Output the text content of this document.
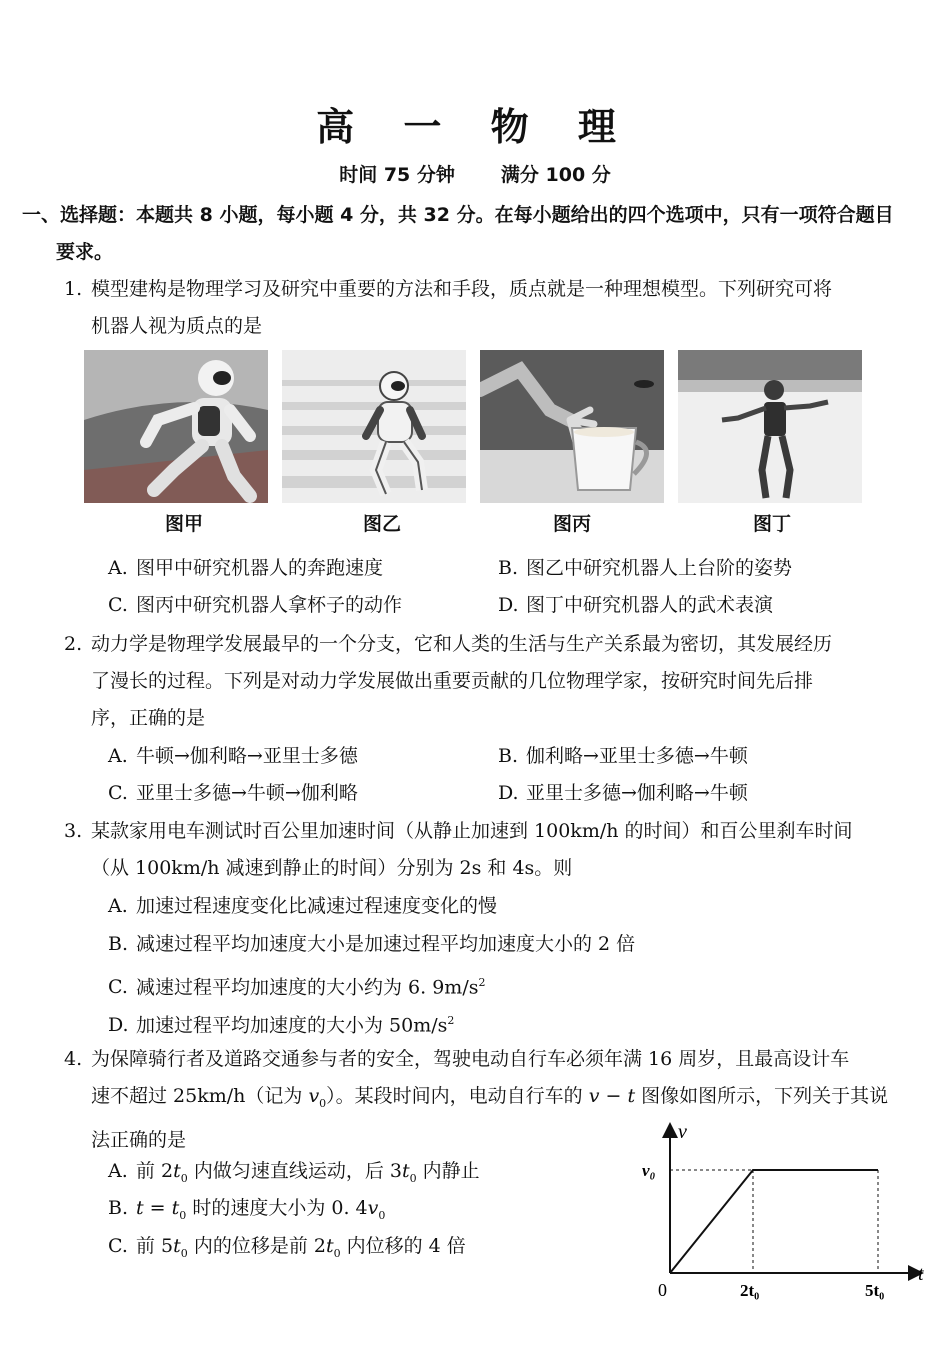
高 一 物 理
时间 75 分钟 满分 100 分
一、选择题：本题共 8 小题，每小题 4 分，共 32 分。在每小题给出的四个选项中，只有一项符合题目
要求。
1. 模型建构是物理学习及研究中重要的方法和手段，质点就是一种理想模型。下列研究可将
机器人视为质点的是
图甲	图乙	图丙	图丁
A. 图甲中研究机器人的奔跑速度	B. 图乙中研究机器人上台阶的姿势
C. 图丙中研究机器人拿杯子的动作	D. 图丁中研究机器人的武术表演
2. 动力学是物理学发展最早的一个分支，它和人类的生活与生产关系最为密切，其发展经历
了漫长的过程。下列是对动力学发展做出重要贡献的几位物理学家，按研究时间先后排
序，正确的是
A. 牛顿→伽利略→亚里士多德	B. 伽利略→亚里士多德→牛顿
C. 亚里士多德→牛顿→伽利略	D. 亚里士多德→伽利略→牛顿
3. 某款家用电车测试时百公里加速时间（从静止加速到 100km/h 的时间）和百公里刹车时间
（从 100km/h 减速到静止的时间）分别为 2s 和 4s。则
A. 加速过程速度变化比减速过程速度变化的慢
B. 减速过程平均加速度大小是加速过程平均加速度大小的 2 倍
C. 减速过程平均加速度的大小约为 6. $9m/s^2$
D. 加速过程平均加速度的大小为 $50m/s^2$
4. 为保障骑行者及道路交通参与者的安全，驾驶电动自行车必须年满 16 周岁，且最高设计车
速不超过 25km/h（记为 $v_0$）。某段时间内，电动自行车的 v − t 图像如图所示，下列关于其说
法正确的是
A. 前 $2t_0$ 内做匀速直线运动，后 $3t_0$ 内静止
B. $t = t_0$ 时的速度大小为 0. $4v_0$
C. 前 $5t_0$ 内的位移是前 $2t_0$ 内位移的 4 倍
v
t
0
v₀
2t₀	5t₀
